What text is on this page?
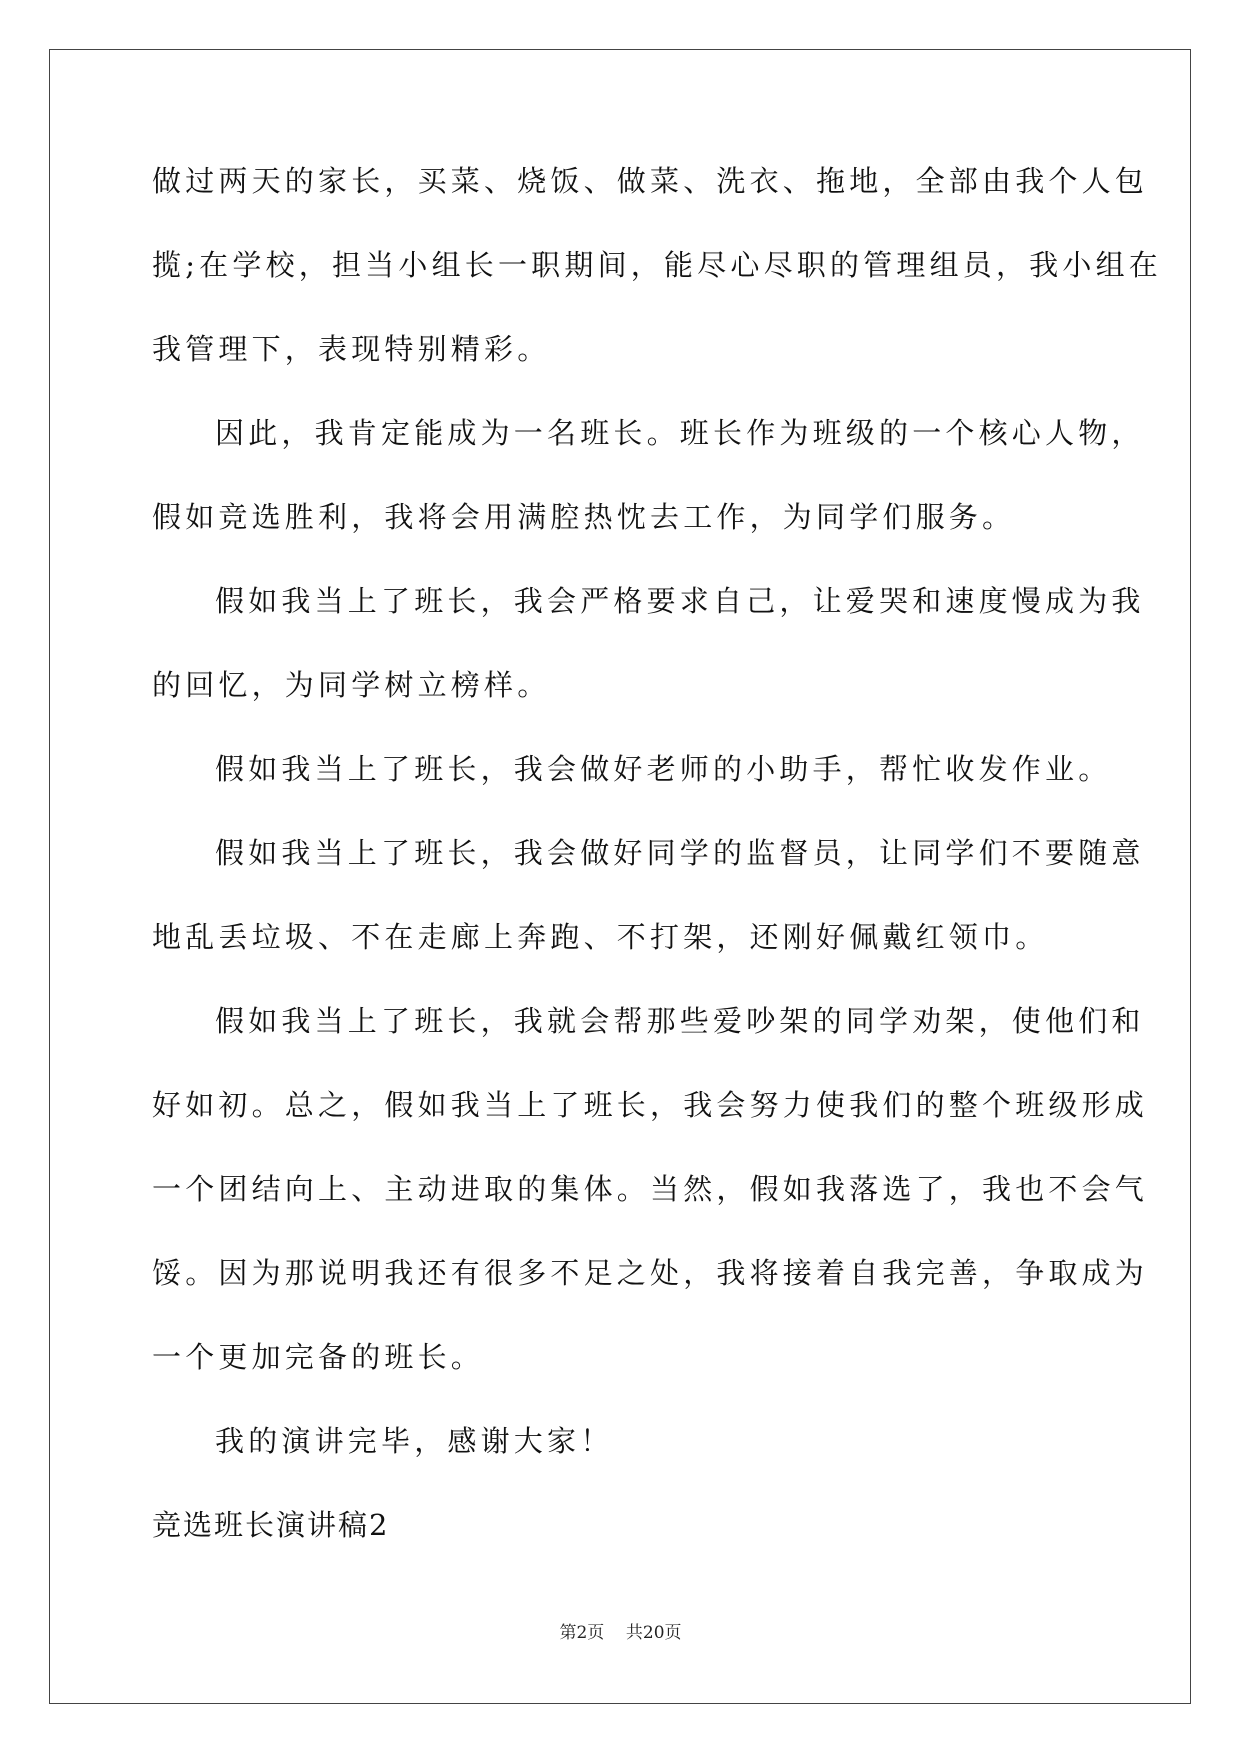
做过两天的家长，买菜、烧饭、做菜、洗衣、拖地，全部由我个人包
揽;在学校，担当小组长一职期间，能尽心尽职的管理组员，我小组在
我管理下，表现特别精彩。
因此，我肯定能成为一名班长。班长作为班级的一个核心人物，
假如竞选胜利，我将会用满腔热忱去工作，为同学们服务。
假如我当上了班长，我会严格要求自己，让爱哭和速度慢成为我
的回忆，为同学树立榜样。
假如我当上了班长，我会做好老师的小助手，帮忙收发作业。
假如我当上了班长，我会做好同学的监督员，让同学们不要随意
地乱丢垃圾、不在走廊上奔跑、不打架，还刚好佩戴红领巾。
假如我当上了班长，我就会帮那些爱吵架的同学劝架，使他们和
好如初。总之，假如我当上了班长，我会努力使我们的整个班级形成
一个团结向上、主动进取的集体。当然，假如我落选了，我也不会气
馁。因为那说明我还有很多不足之处，我将接着自我完善，争取成为
一个更加完备的班长。
我的演讲完毕，感谢大家！
竞选班长演讲稿2
第2页 共20页
